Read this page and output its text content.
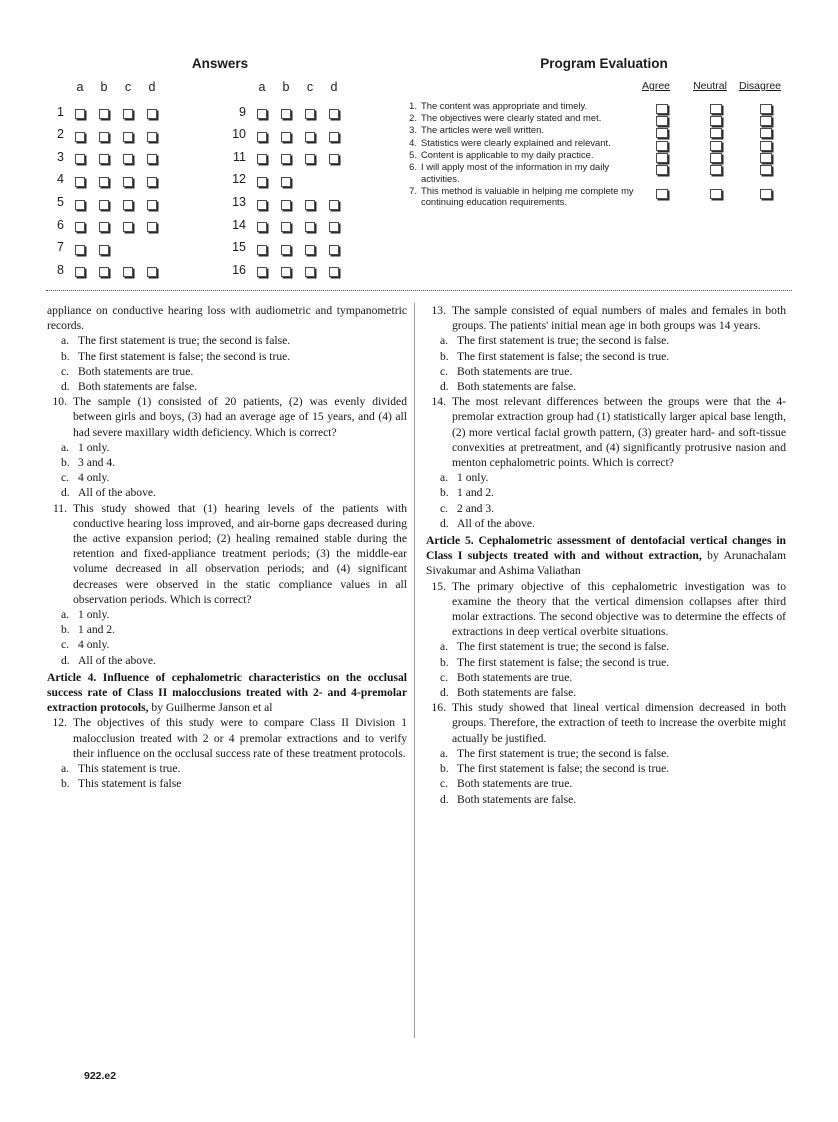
Answers
a b c d
1
2
3
4
5
6
7
8
a b c d
9
10
11
12
13
14
15
16
Program Evaluation
Agree	Neutral	Disagree
1. The content was appropriate and timely.
2. The objectives were clearly stated and met.
3. The articles were well written.
4. Statistics were clearly explained and relevant.
5. Content is applicable to my daily practice.
6. I will apply most of the information in my daily activities.
7. This method is valuable in helping me complete my continuing education requirements.
appliance on conductive hearing loss with audiometric and tympanometric records.
a. The first statement is true; the second is false.
b. The first statement is false; the second is true.
c. Both statements are true.
d. Both statements are false.
10. The sample (1) consisted of 20 patients, (2) was evenly divided between girls and boys, (3) had an average age of 15 years, and (4) all had severe maxillary width deficiency. Which is correct?
a. 1 only.
b. 3 and 4.
c. 4 only.
d. All of the above.
11. This study showed that (1) hearing levels of the patients with conductive hearing loss improved, and air-borne gaps decreased during the active expansion period; (2) healing remained stable during the retention and fixed-appliance treatment periods; (3) the middle-ear volume decreased in all observation periods; and (4) significant decreases were observed in the static compliance values in all observation periods. Which is correct?
a. 1 only.
b. 1 and 2.
c. 4 only.
d. All of the above.
Article 4. Influence of cephalometric characteristics on the occlusal success rate of Class II malocclusions treated with 2- and 4-premolar extraction protocols, by Guilherme Janson et al
12. The objectives of this study were to compare Class II Division 1 malocclusion treated with 2 or 4 premolar extractions and to verify their influence on the occlusal success rate of these treatment protocols.
a. This statement is true.
b. This statement is false
13. The sample consisted of equal numbers of males and females in both groups. The patients' initial mean age in both groups was 14 years.
a. The first statement is true; the second is false.
b. The first statement is false; the second is true.
c. Both statements are true.
d. Both statements are false.
14. The most relevant differences between the groups were that the 4-premolar extraction group had (1) statistically larger apical base length, (2) more vertical facial growth pattern, (3) greater hard- and soft-tissue convexities at pretreatment, and (4) significantly protrusive nasion and menton cephalometric points. Which is correct?
a. 1 only.
b. 1 and 2.
c. 2 and 3.
d. All of the above.
Article 5. Cephalometric assessment of dentofacial vertical changes in Class I subjects treated with and without extraction, by Arunachalam Sivakumar and Ashima Valiathan
15. The primary objective of this cephalometric investigation was to examine the theory that the vertical dimension collapses after third molar extractions. The second objective was to determine the effects of extractions in deep vertical overbite situations.
a. The first statement is true; the second is false.
b. The first statement is false; the second is true.
c. Both statements are true.
d. Both statements are false.
16. This study showed that lineal vertical dimension decreased in both groups. Therefore, the extraction of teeth to increase the overbite might actually be justified.
a. The first statement is true; the second is false.
b. The first statement is false; the second is true.
c. Both statements are true.
d. Both statements are false.
922.e2
